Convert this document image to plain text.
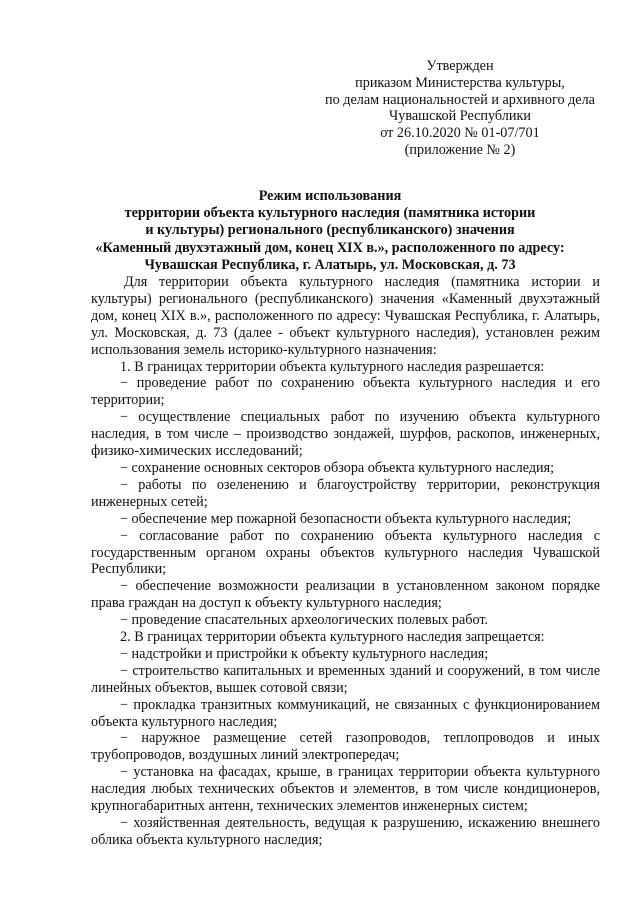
Утвержден
приказом Министерства культуры,
по делам национальностей и архивного дела
Чувашской Республики
от 26.10.2020 № 01-07/701
(приложение № 2)
Режим использования
территории объекта культурного наследия (памятника истории
и культуры) регионального (республиканского) значения
«Каменный двухэтажный дом, конец XIX в.», расположенного по адресу:
Чувашская Республика, г. Алатырь, ул. Московская, д. 73

Для территории объекта культурного наследия (памятника истории и культуры) регионального (республиканского) значения «Каменный двухэтажный дом, конец XIX в.», расположенного по адресу: Чувашская Республика, г. Алатырь, ул. Московская, д. 73 (далее - объект культурного наследия), установлен режим использования земель историко-культурного назначения:

1. В границах территории объекта культурного наследия разрешается:

− проведение работ по сохранению объекта культурного наследия и его территории;

− осуществление специальных работ по изучению объекта культурного наследия, в том числе – производство зондажей, шурфов, раскопов, инженерных, физико-химических исследований;

− сохранение основных секторов обзора объекта культурного наследия;

− работы по озеленению и благоустройству территории, реконструкция инженерных сетей;

− обеспечение мер пожарной безопасности объекта культурного наследия;

− согласование работ по сохранению объекта культурного наследия с государственным органом охраны объектов культурного наследия Чувашской Республики;

− обеспечение возможности реализации в установленном законом порядке права граждан на доступ к объекту культурного наследия;

− проведение спасательных археологических полевых работ.

2. В границах территории объекта культурного наследия запрещается:

− надстройки и пристройки к объекту культурного наследия;

− строительство капитальных и временных зданий и сооружений, в том числе линейных объектов, вышек сотовой связи;

− прокладка транзитных коммуникаций, не связанных с функционированием объекта культурного наследия;

− наружное размещение сетей газопроводов, теплопроводов и иных трубопроводов, воздушных линий электропередач;

− установка на фасадах, крыше, в границах территории объекта культурного наследия любых технических объектов и элементов, в том числе кондиционеров, крупногабаритных антенн, технических элементов инженерных систем;

− хозяйственная деятельность, ведущая к разрушению, искажению внешнего облика объекта культурного наследия;
